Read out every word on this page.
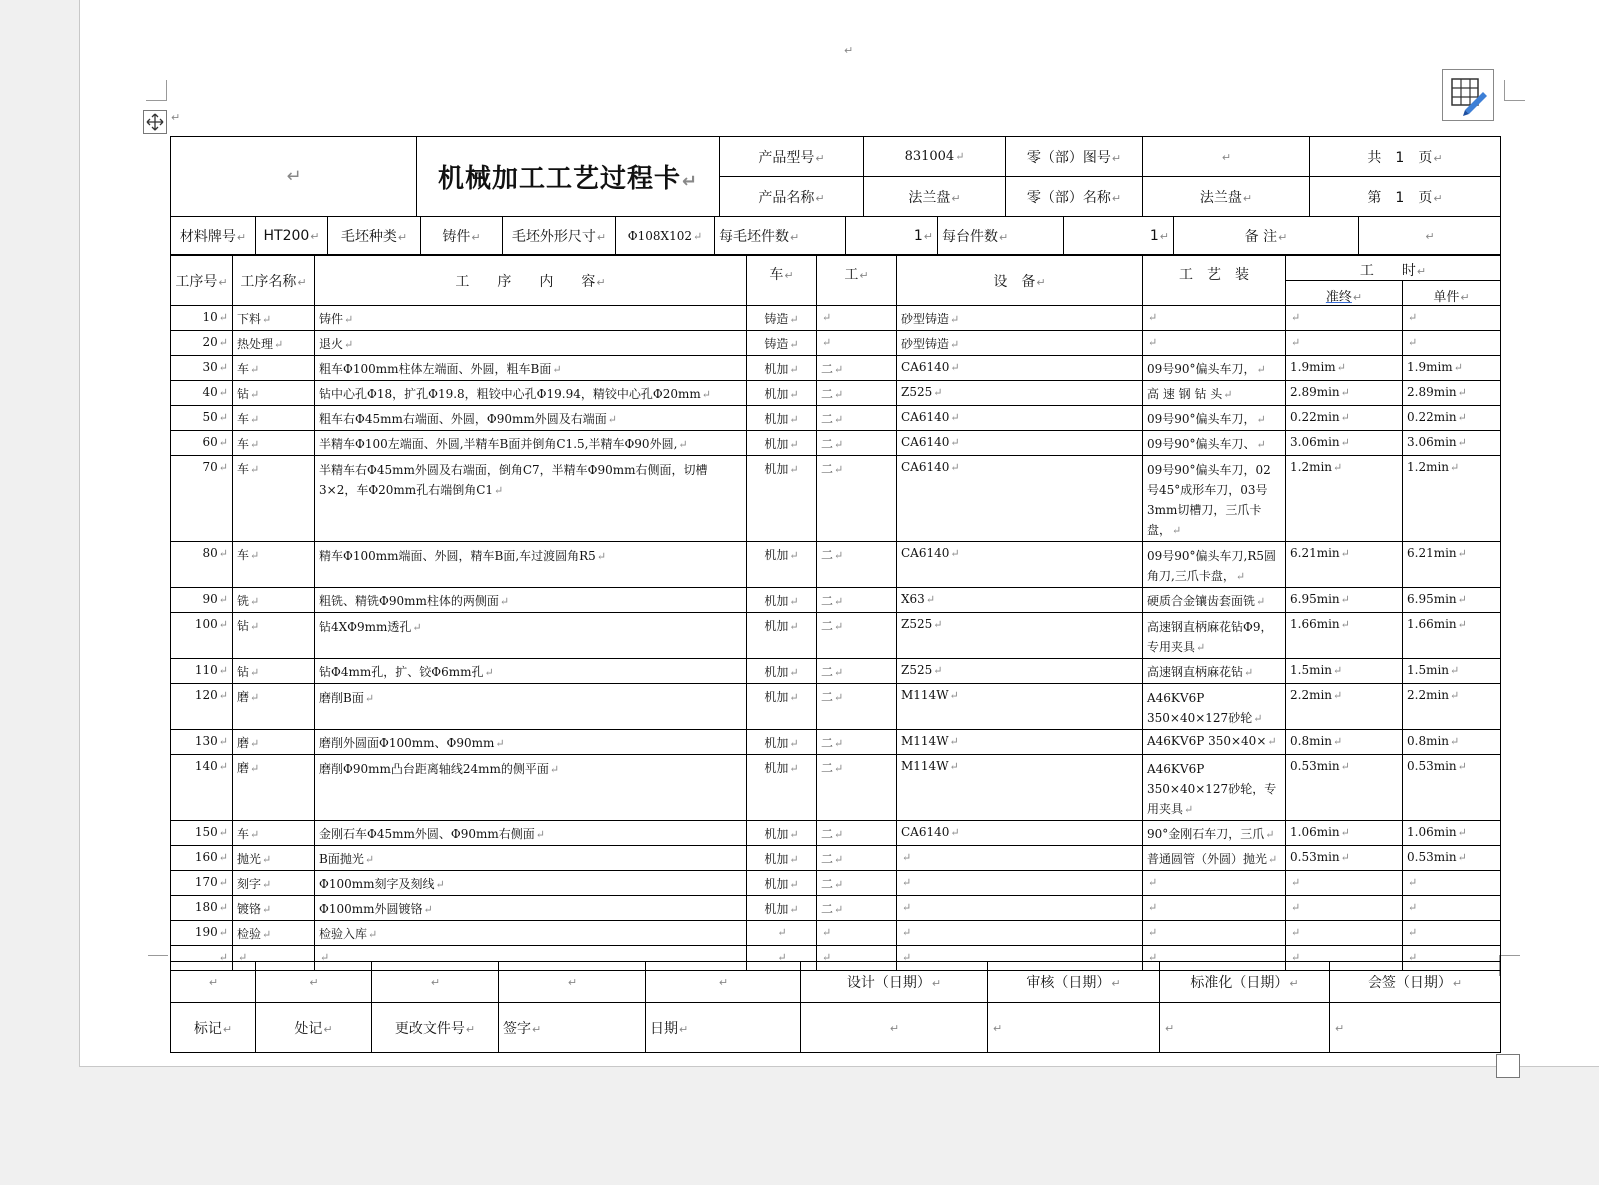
↵
↵
↵	机械加工工艺过程卡↵	产品型号↵	831004↵	零（部）图号↵	↵	共　1　页↵
		产品名称↵	法兰盘↵	零（部）名称↵	法兰盘↵	第　1　页↵
材料牌号↵	HT200↵	毛坯种类↵	铸件↵	毛坯外形尺寸↵	Φ108X102↵	每毛坯件数↵	1↵	每台件数↵	1↵	备 注↵	↵
工序号↵	工序名称↵	工　　序　　内　　容↵	车↵	工↵	设　备↵	工　艺　装	工　　时↵	
							准终↵	单件↵
10↵	下料↵	铸件↵	铸造↵	↵	砂型铸造↵	↵	↵	↵
20↵	热处理↵	退火↵	铸造↵	↵	砂型铸造↵	↵	↵	↵
30↵	车↵	粗车Φ100mm柱体左端面、外圆，粗车B面↵	机加↵	二↵	CA6140↵	09号90°偏头车刀，↵	1.9mim↵	1.9mim↵
40↵	钻↵	钻中心孔Φ18，扩孔Φ19.8，粗铰中心孔Φ19.94，精铰中心孔Φ20mm↵	机加↵	二↵	Z525↵	高 速 钢 钻 头↵	2.89min↵	2.89min↵
50↵	车↵	粗车右Φ45mm右端面、外圆，Φ90mm外圆及右端面↵	机加↵	二↵	CA6140↵	09号90°偏头车刀，↵	0.22min↵	0.22min↵
60↵	车↵	半精车Φ100左端面、外圆,半精车B面并倒角C1.5,半精车Φ90外圆,↵	机加↵	二↵	CA6140↵	09号90°偏头车刀、↵	3.06min↵	3.06min↵
70↵	车↵	半精车右Φ45mm外圆及右端面，倒角C7，半精车Φ90mm右侧面，切槽3×2，车Φ20mm孔右端倒角C1↵	机加↵	二↵	CA6140↵	09号90°偏头车刀，02号45°成形车刀，03号3mm切槽刀，三爪卡盘，↵	1.2min↵	1.2min↵
80↵	车↵	精车Φ100mm端面、外圆，精车B面,车过渡圆角R5↵	机加↵	二↵	CA6140↵	09号90°偏头车刀,R5圆角刀,三爪卡盘，↵	6.21min↵	6.21min↵
90↵	铣↵	粗铣、精铣Φ90mm柱体的两侧面↵	机加↵	二↵	X63↵	硬质合金镶齿套面铣↵	6.95min↵	6.95min↵
100↵	钻↵	钻4XΦ9mm透孔↵	机加↵	二↵	Z525↵	高速钢直柄麻花钻Φ9，专用夹具↵	1.66min↵	1.66min↵
110↵	钻↵	钻Φ4mm孔，扩、铰Φ6mm孔↵	机加↵	二↵	Z525↵	高速钢直柄麻花钻↵	1.5min↵	1.5min↵
120↵	磨↵	磨削B面↵	机加↵	二↵	M114W↵	A46KV6P 350×40×127砂轮↵	2.2min↵	2.2min↵
130↵	磨↵	磨削外圆面Φ100mm、Φ90mm↵	机加↵	二↵	M114W↵	A46KV6P 350×40×↵	0.8min↵	0.8min↵
140↵	磨↵	磨削Φ90mm凸台距离轴线24mm的侧平面↵	机加↵	二↵	M114W↵	A46KV6P 350×40×127砂轮，专用夹具↵	0.53min↵	0.53min↵
150↵	车↵	金刚石车Φ45mm外圆、Φ90mm右侧面↵	机加↵	二↵	CA6140↵	90°金刚石车刀，三爪↵	1.06min↵	1.06min↵
160↵	抛光↵	B面抛光↵	机加↵	二↵	↵	普通圆管（外圆）抛光↵	0.53min↵	0.53min↵
170↵	刻字↵	Φ100mm刻字及刻线↵	机加↵	二↵	↵	↵	↵	↵
180↵	镀铬↵	Φ100mm外圆镀铬↵	机加↵	二↵	↵	↵	↵	↵
190↵	检验↵	检验入库↵	↵	↵	↵	↵	↵	↵
↵	↵	↵	↵	↵	↵	↵	↵	↵
↵	↵	↵	↵	↵	设计（日期）↵	审核（日期）↵	标准化（日期）↵	会签（日期）↵
标记↵	处记↵	更改文件号↵	签字↵	日期↵	↵	↵	↵	↵
